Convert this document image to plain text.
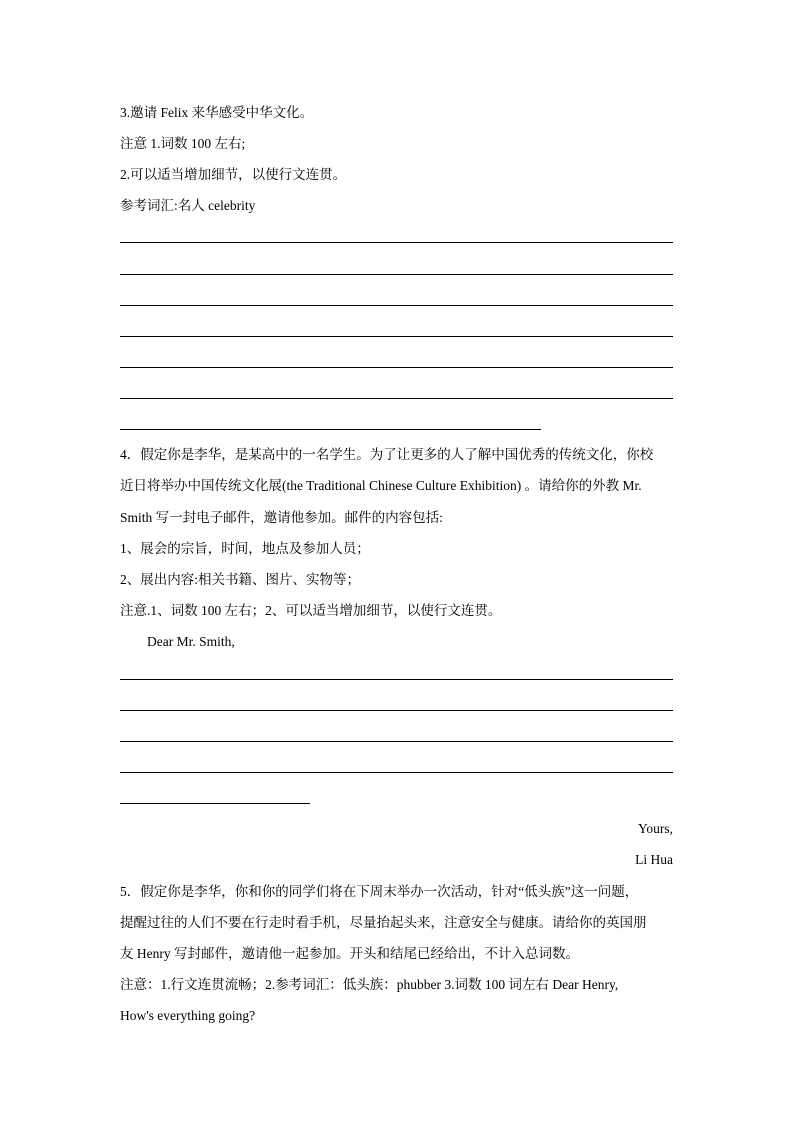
3.邀请 Felix 来华感受中华文化。
注意 1.词数 100 左右;
2.可以适当增加细节，以使行文连贯。
参考词汇:名人 celebrity
4．假定你是李华，是某高中的一名学生。为了让更多的人了解中国优秀的传统文化，你校
近日将举办中国传统文化展(the Traditional Chinese Culture Exhibition) 。请给你的外教 Mr.
Smith 写一封电子邮件，邀请他参加。邮件的内容包括:
1、展会的宗旨，时间，地点及参加人员；
2、展出内容:相关书籍、图片、实物等；
注意.1、词数 100 左右；2、可以适当增加细节，以使行文连贯。
Dear Mr. Smith,
Yours,
Li Hua
5．假定你是李华，你和你的同学们将在下周末举办一次活动，针对“低头族”这一问题，
提醒过往的人们不要在行走时看手机，尽量抬起头来，注意安全与健康。请给你的英国朋
友 Henry 写封邮件，邀请他一起参加。开头和结尾已经给出，不计入总词数。
注意：1.行文连贯流畅；2.参考词汇：低头族：phubber 3.词数 100 词左右 Dear Henry,
How's everything going?
